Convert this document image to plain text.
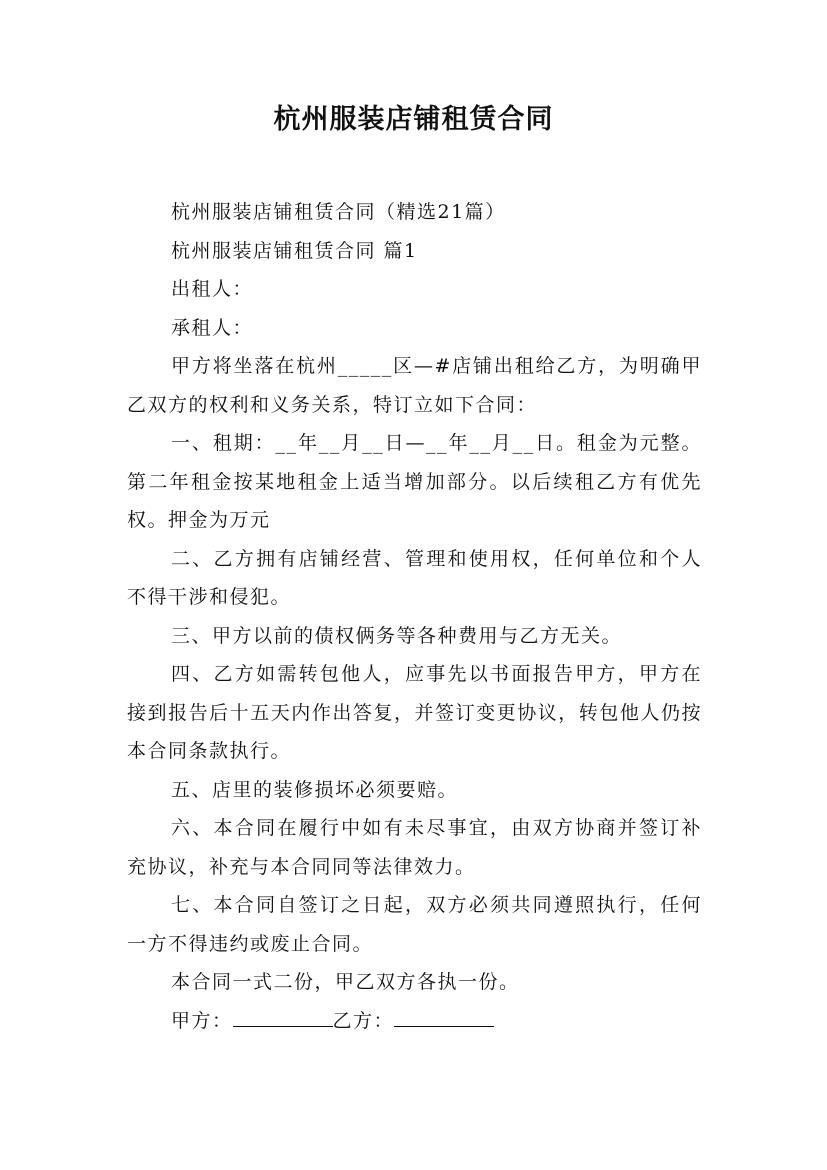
杭州服装店铺租赁合同

杭州服装店铺租赁合同（精选21篇）

杭州服装店铺租赁合同 篇1

出租人：

承租人：

甲方将坐落在杭州_____区—#店铺出租给乙方，为明确甲乙双方的权利和义务关系，特订立如下合同：

一、租期：__年__月__日—__年__月__日。租金为元整。第二年租金按某地租金上适当增加部分。以后续租乙方有优先权。押金为万元

二、乙方拥有店铺经营、管理和使用权，任何单位和个人不得干涉和侵犯。

三、甲方以前的债权俩务等各种费用与乙方无关。

四、乙方如需转包他人，应事先以书面报告甲方，甲方在接到报告后十五天内作出答复，并签订变更协议，转包他人仍按本合同条款执行。

五、店里的装修损坏必须要赔。

六、本合同在履行中如有未尽事宜，由双方协商并签订补充协议，补充与本合同同等法律效力。

七、本合同自签订之日起，双方必须共同遵照执行，任何一方不得违约或废止合同。

本合同一式二份，甲乙双方各执一份。

甲方：	乙方：
